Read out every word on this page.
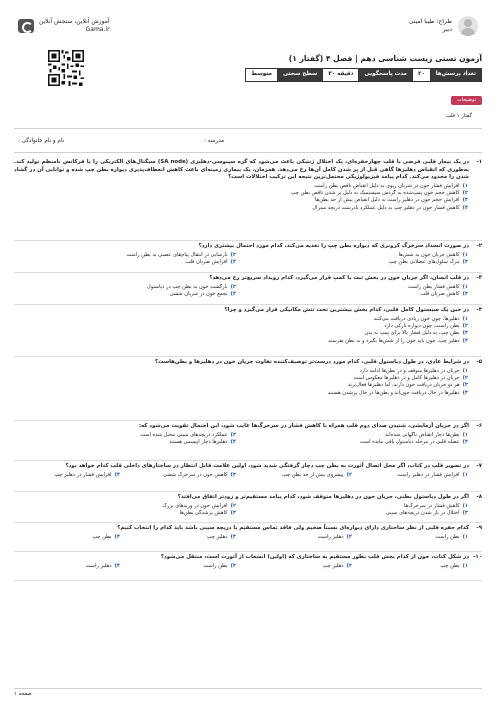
آموزش آنلاین، سنجش آنلاین
Gama.ir
طراح: طیبا امینی
دبیر
آزمون تستی زیست شناسی دهم | فصل ۴ (گفتار ۱)
تعداد پرسش‌ها
۲۰
مدت پاسخگویی
۳۰ دقیقه
سطح سختی
متوسط
توضیحات
گفتار ۱ قلب
نام و نام خانوادگی :	مدرسه :
۱-
در یک بیمار قلبی فرضی با قلب چهارحفره‌ای، یک اختلال ژنتیکی باعث می‌شود که گره سینوسی-دهلیزی (SA node) سیگنال‌های الکتریکی را با فرکانس نامنظم تولید کند. به‌طوری که انقباض دهلیزها گاهی قبل از پر شدن کامل آن‌ها رخ می‌دهد. همزمان، یک بیماری زمینه‌ای باعث کاهش انعطاف‌پذیری دیواره بطن چپ شده و توانایی آن در گشاد شدن را محدود می‌کند. کدام پیامد فیزیولوژیکی محتمل‌ترین نتیجه این ترکیب اختلالات است؟
۱)
افزایش فشار خون در شریان ریوی به دلیل انقباض ناقص بطن راست
۲)
کاهش حجم خون پمپ‌شده به گردش سیستمیک به دلیل پر شدن ناقص بطن چپ
۳)
افزایش حجم خون در دهلیز راست به دلیل انقباض بیش از حد بطن‌ها
۴)
کاهش فشار خون در دهلیز چپ به دلیل عملکرد نادرست دریچه میترال
۲-
در صورت انسداد سرخرگ کرونری که دیواره بطن چپ را تغذیه می‌کند، کدام مورد احتمال بیشتری دارد؟
۱)
کاهش جریان خون به شش‌ها
۲)
نارسایی در انتقال پیام‌های عصبی به بطن راست
۳)
مرگ سلول‌های عضلانی بطن چپ
۴)
افزایش ضربان قلب
۳-
در قلب انسان، اگر جریان خون در بخش ثبت با کمپ قرار می‌گیرد، کدام رویداد سریع‌تر رخ می‌دهد؟
۱)
کاهش فشار بطن راست
۲)
بازگشت خون به بطن چپ در دیاستول
۳)
کاهش ضربان قلب
۴)
تجمع خون در شریان ششی
۴-
در حین یک سیستول کامل قلبی، کدام بخش بیشترین تحت تنش مکانیکی قرار می‌گیرد و چرا؟
۱)
دهلیزها، چون خون زیادی دریافت می‌کنند
۲)
بطن راست، چون دیواره نازکی دارد
۳)
بطن چپ، به دلیل فشار بالا برای پمپ به بدن
۴)
دهلیز چپ، چون باید خون را از شش‌ها بگیرد و به بطن بفرستد
۵-
در شرایط عادی، در طول دیاستول قلبی، کدام مورد درست‌تر توصیف‌کننده تفاوت جریان خون در دهلیزها و بطن‌هاست؟
۱)
جریان در دهلیزها متوقف و در بطن‌ها ادامه دارد
۲)
جریان در دهلیزها کامل و در دهلیزها معکوس است
۳)
هر دو جریان دریافت خون دارند، اما دهلیزها فعال‌ترند
۴)
دهلیزها در حال دریافت خون‌اند و بطن‌ها در حال پرشدن هستند
۶-
اگر در جریان آزمایشی، شنیدن صدای دوم قلب همراه با کاهش فشار در سرخرگ‌ها غایب شود، این احتمال تقویت می‌شود که:
۱)
بطن‌ها دچار انقباض ناگهانی شده‌اند
۲)
عملکرد دریچه‌های سینی مختل شده است
۳)
عضله قلبی در مرحله دیاستول باقی مانده است
۴)
دهلیزها دچار آپیسمی هستند
۷-
در تصویر قلب در کتاب، اگر محل اتصال آئورت به بطن چپ دچار گرفتگی شدید شود، اولین علامت قابل انتظار در ساختارهای داخلی قلب کدام خواهد بود؟
۱)
افزایش فشار در دهلیز راست
۲)
پیشروی بیش از حد بطن چپ
۳)
کاهش خون در سرخرگ ششی
۴)
افزایش فشار در دهلیز چپ
۸-
اگر در طول دیاستول بطنی، جریان خون در دهلیزها متوقف شود، کدام پیامد مستقیم‌تر و زودتر اتفاق می‌افتد؟
۱)
کاهش فشار در سرخرگ‌ها
۲)
افزایش خون در وریدهای بزرگ
۳)
اختلال در باز شدن دریچه‌های سینی
۴)
کاهش پرشدگی بطن‌ها
۹-
کدام حفره قلبی از نظر ساختاری دارای دیواره‌ای نسبتاً ضخیم ولی فاقد تماس مستقیم با دریچه سینی باشد باید کدام را انتخاب کنیم؟
۱)
بطن راست
۲)
دهلیز راست
۳)
دهلیز چپ
۴)
بطن چپ
۱۰-
در شکل کتاب، خون از کدام بخش قلب بطور مستقیم به ساختاری که (اولین) انشعاب از آئورت است، منتقل می‌شود؟
۱)
بطن چپ
۲)
دهلیز چپ
۳)
بطن راست
۴)
دهلیز راست
صفحه ۱
